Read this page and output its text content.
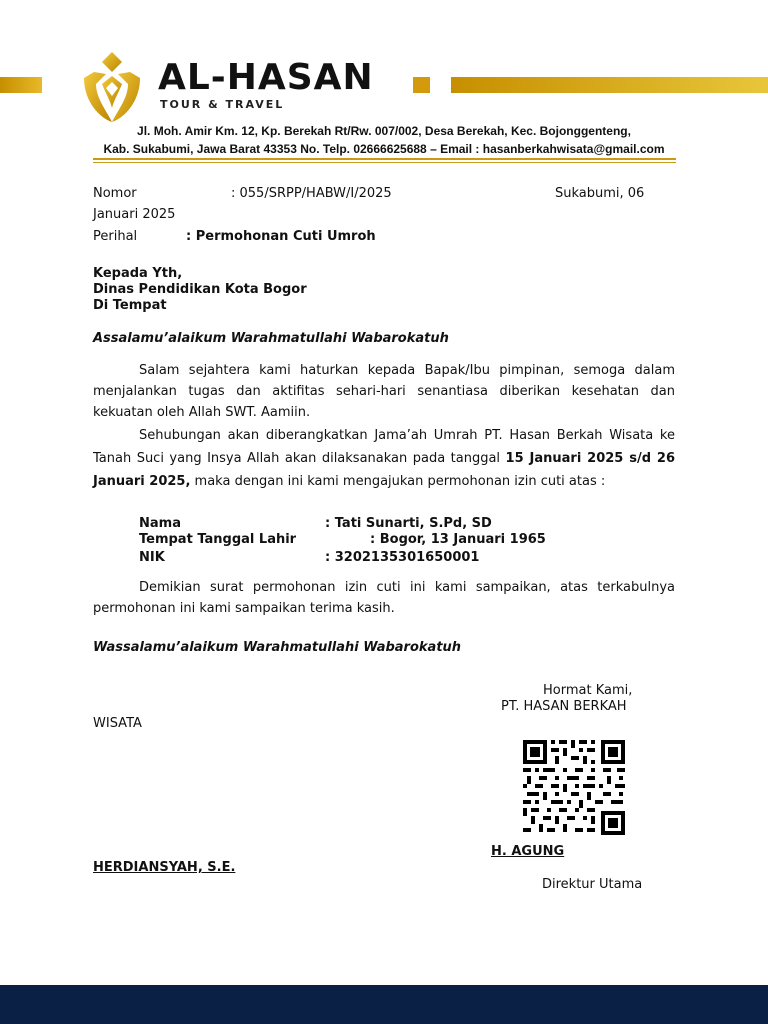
AL-HASAN
TOUR & TRAVEL
Jl. Moh. Amir Km. 12, Kp. Berekah Rt/Rw. 007/002, Desa Berekah, Kec. Bojonggenteng,
Kab. Sukabumi, Jawa Barat 43353 No. Telp. 02666625688 – Email : hasanberkahwisata@gmail.com
Nomor	: 055/SRPP/HABW/I/2025	Sukabumi, 06
Januari 2025
Perihal	: Permohonan Cuti Umroh
Kepada Yth,
Dinas Pendidikan Kota Bogor
Di Tempat
Assalamu’alaikum Warahmatullahi Wabarokatuh
Salam sejahtera kami haturkan kepada Bapak/Ibu pimpinan, semoga dalam menjalankan tugas dan aktifitas sehari-hari senantiasa diberikan kesehatan dan kekuatan oleh Allah SWT. Aamiin.
Sehubungan akan diberangkatkan Jama’ah Umrah PT. Hasan Berkah Wisata ke Tanah Suci yang Insya Allah akan dilaksanakan pada tanggal 15 Januari 2025 s/d 26 Januari 2025, maka dengan ini kami mengajukan permohonan izin cuti atas :
Nama	: Tati Sunarti, S.Pd, SD
Tempat Tanggal Lahir	: Bogor, 13 Januari 1965
NIK	: 3202135301650001
Demikian surat permohonan izin cuti ini kami sampaikan, atas terkabulnya permohonan ini kami sampaikan terima kasih.
Wassalamu’alaikum Warahmatullahi Wabarokatuh
Hormat Kami,
PT. HASAN BERKAH
WISATA
H. AGUNG
HERDIANSYAH, S.E.
Direktur Utama
